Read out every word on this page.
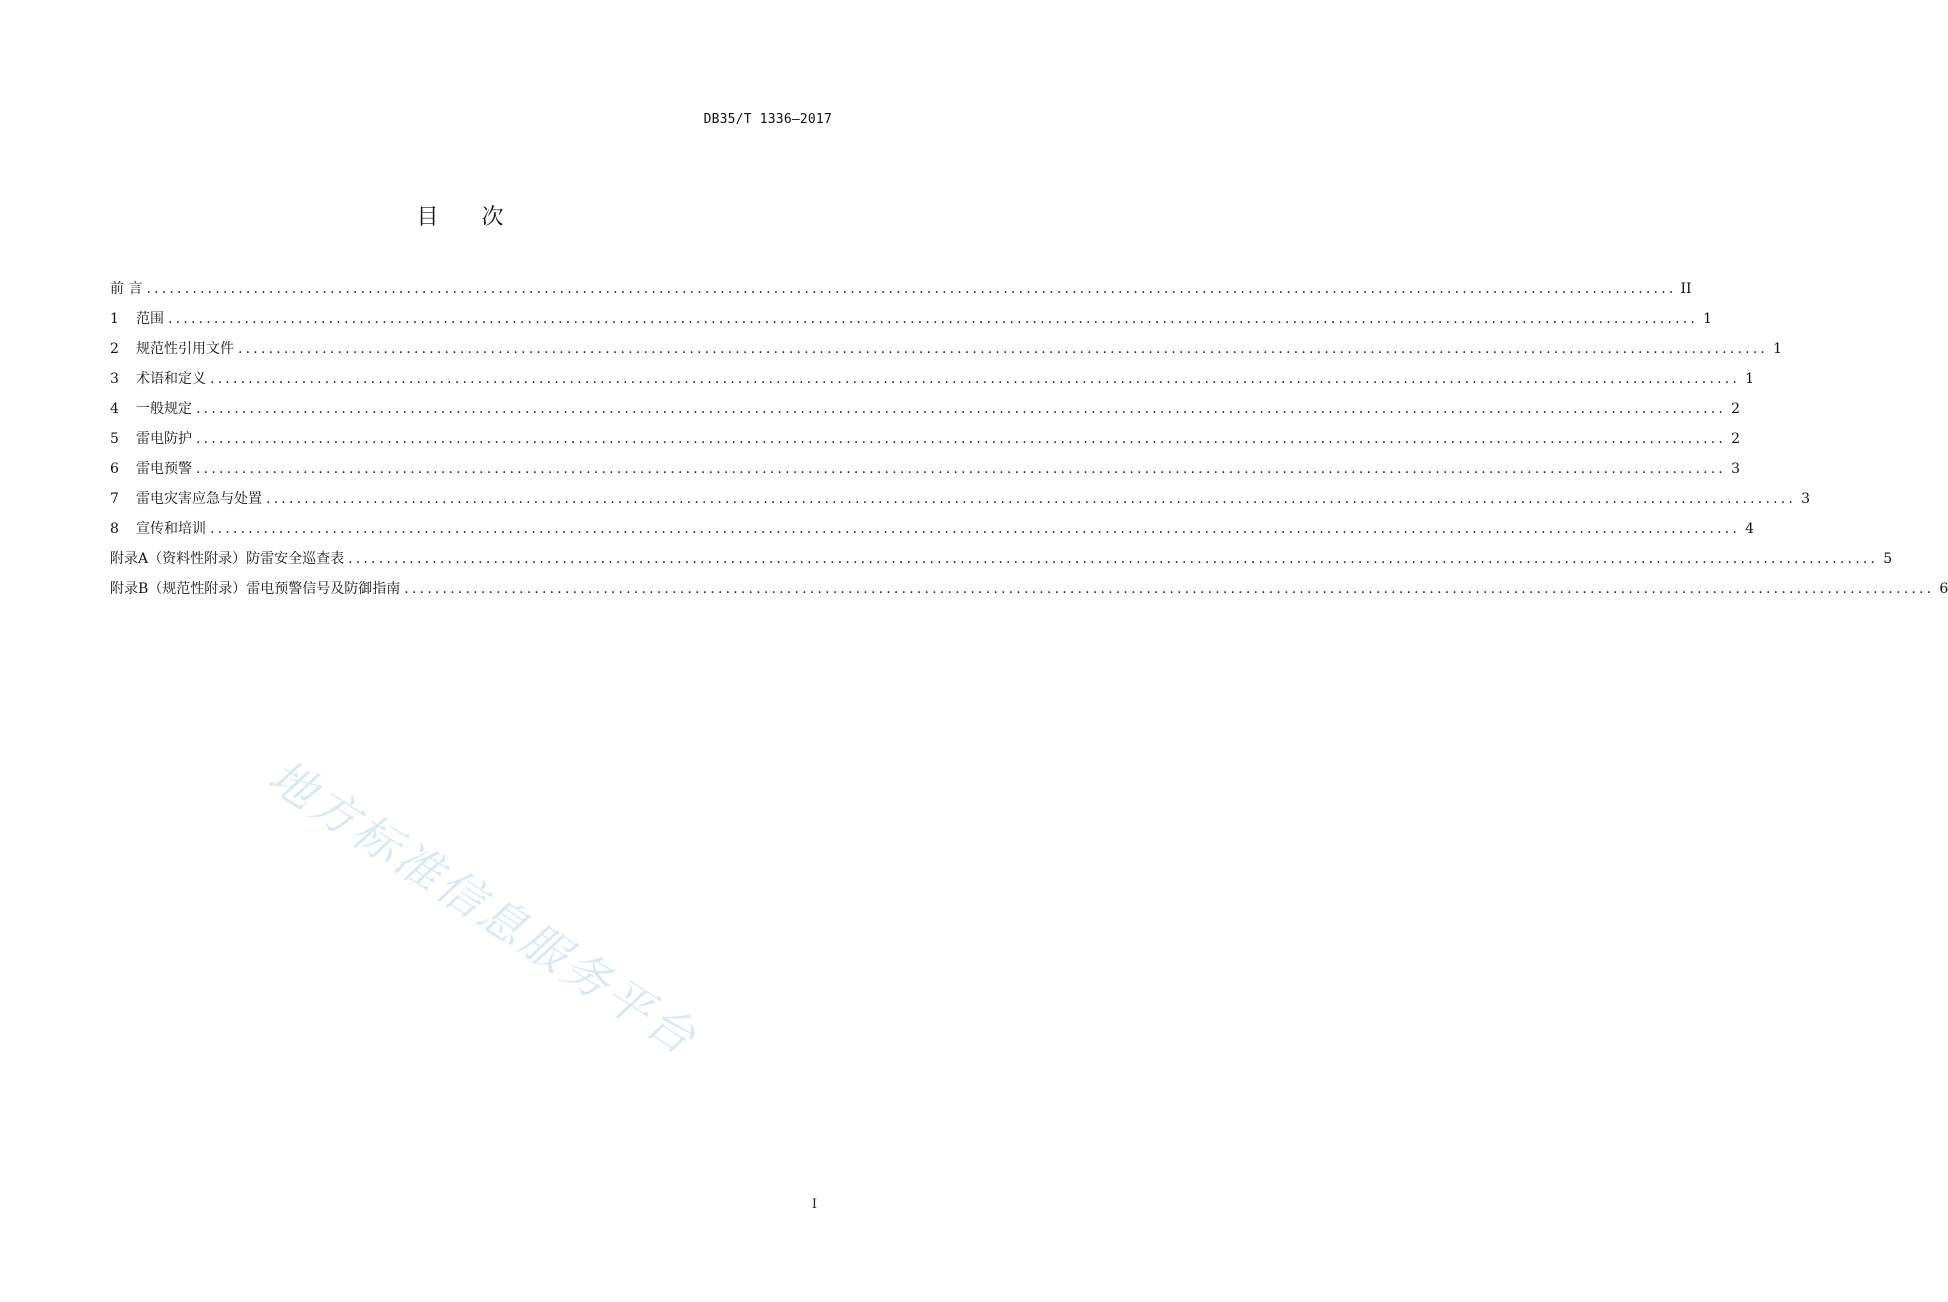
DB35/T 1336—2017
目 次
前 言 ........................................................................................................................................................................................................ II
1 范围 ........................................................................................................................................................................................................ 1
2 规范性引用文件 ........................................................................................................................................................................................................ 1
3 术语和定义 ........................................................................................................................................................................................................ 1
4 一般规定 ........................................................................................................................................................................................................ 2
5 雷电防护 ........................................................................................................................................................................................................ 2
6 雷电预警 ........................................................................................................................................................................................................ 3
7 雷电灾害应急与处置 ........................................................................................................................................................................................................ 3
8 宣传和培训 ........................................................................................................................................................................................................ 4
附录A（资料性附录）防雷安全巡查表 ........................................................................................................................................................................................................ 5
附录B（规范性附录）雷电预警信号及防御指南 ........................................................................................................................................................................................................ 6
地方标准信息服务平台
I
